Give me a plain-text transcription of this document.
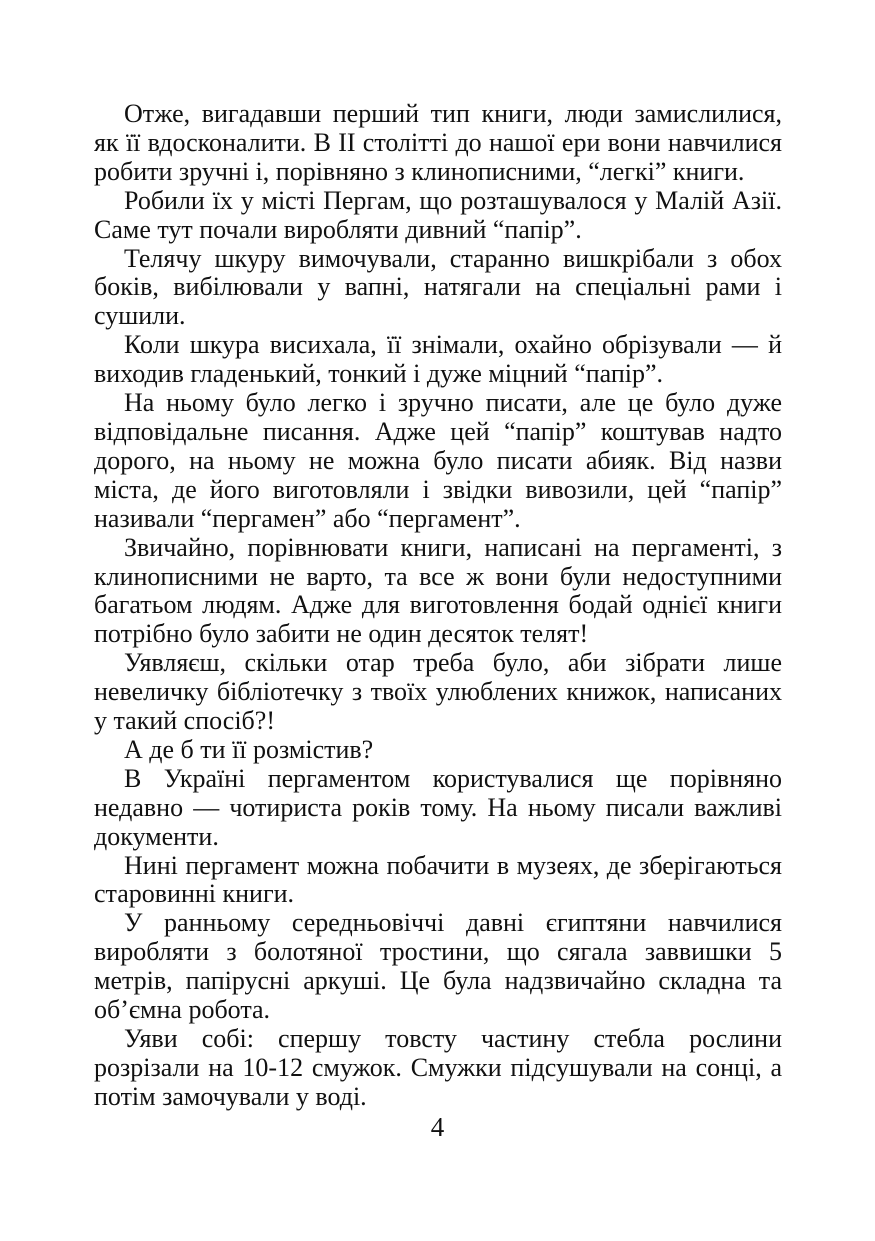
Отже, вигадавши перший тип книги, люди замислилися, як її вдосконалити. В II столітті до нашої ери вони навчилися робити зручні і, порівняно з клинописними, “легкі” книги.

Робили їх у місті Пергам, що розташувалося у Малій Азії. Саме тут почали виробляти дивний “папір”.

Телячу шкуру вимочували, старанно вишкрібали з обох боків, вибілювали у вапні, натягали на спеціальні рами і сушили.

Коли шкура висихала, її знімали, охайно обрізували — й виходив гладенький, тонкий і дуже міцний “папір”.

На ньому було легко і зручно писати, але це було дуже відповідальне писання. Адже цей “папір” коштував надто дорого, на ньому не можна було писати абияк. Від назви міста, де його виготовляли і звідки вивозили, цей “папір” називали “пергамен” або “пергамент”.

Звичайно, порівнювати книги, написані на пергаменті, з клинописними не варто, та все ж вони були недоступними багатьом людям. Адже для виготовлення бодай однієї книги потрібно було забити не один десяток телят!

Уявляєш, скільки отар треба було, аби зібрати лише невеличку бібліотечку з твоїх улюблених книжок, написаних у такий спосіб?!

А де б ти її розмістив?

В Україні пергаментом користувалися ще порівняно недавно — чотириста років тому. На ньому писали важливі документи.

Нині пергамент можна побачити в музеях, де зберігаються старовинні книги.

У ранньому середньовіччі давні єгиптяни навчилися виробляти з болотяної тростини, що сягала заввишки 5 метрів, папірусні аркуші. Це була надзвичайно складна та об’ємна робота.

Уяви собі: спершу товсту частину стебла рослини розрізали на 10-12 смужок. Смужки підсушували на сонці, а потім замочували у воді.

4
